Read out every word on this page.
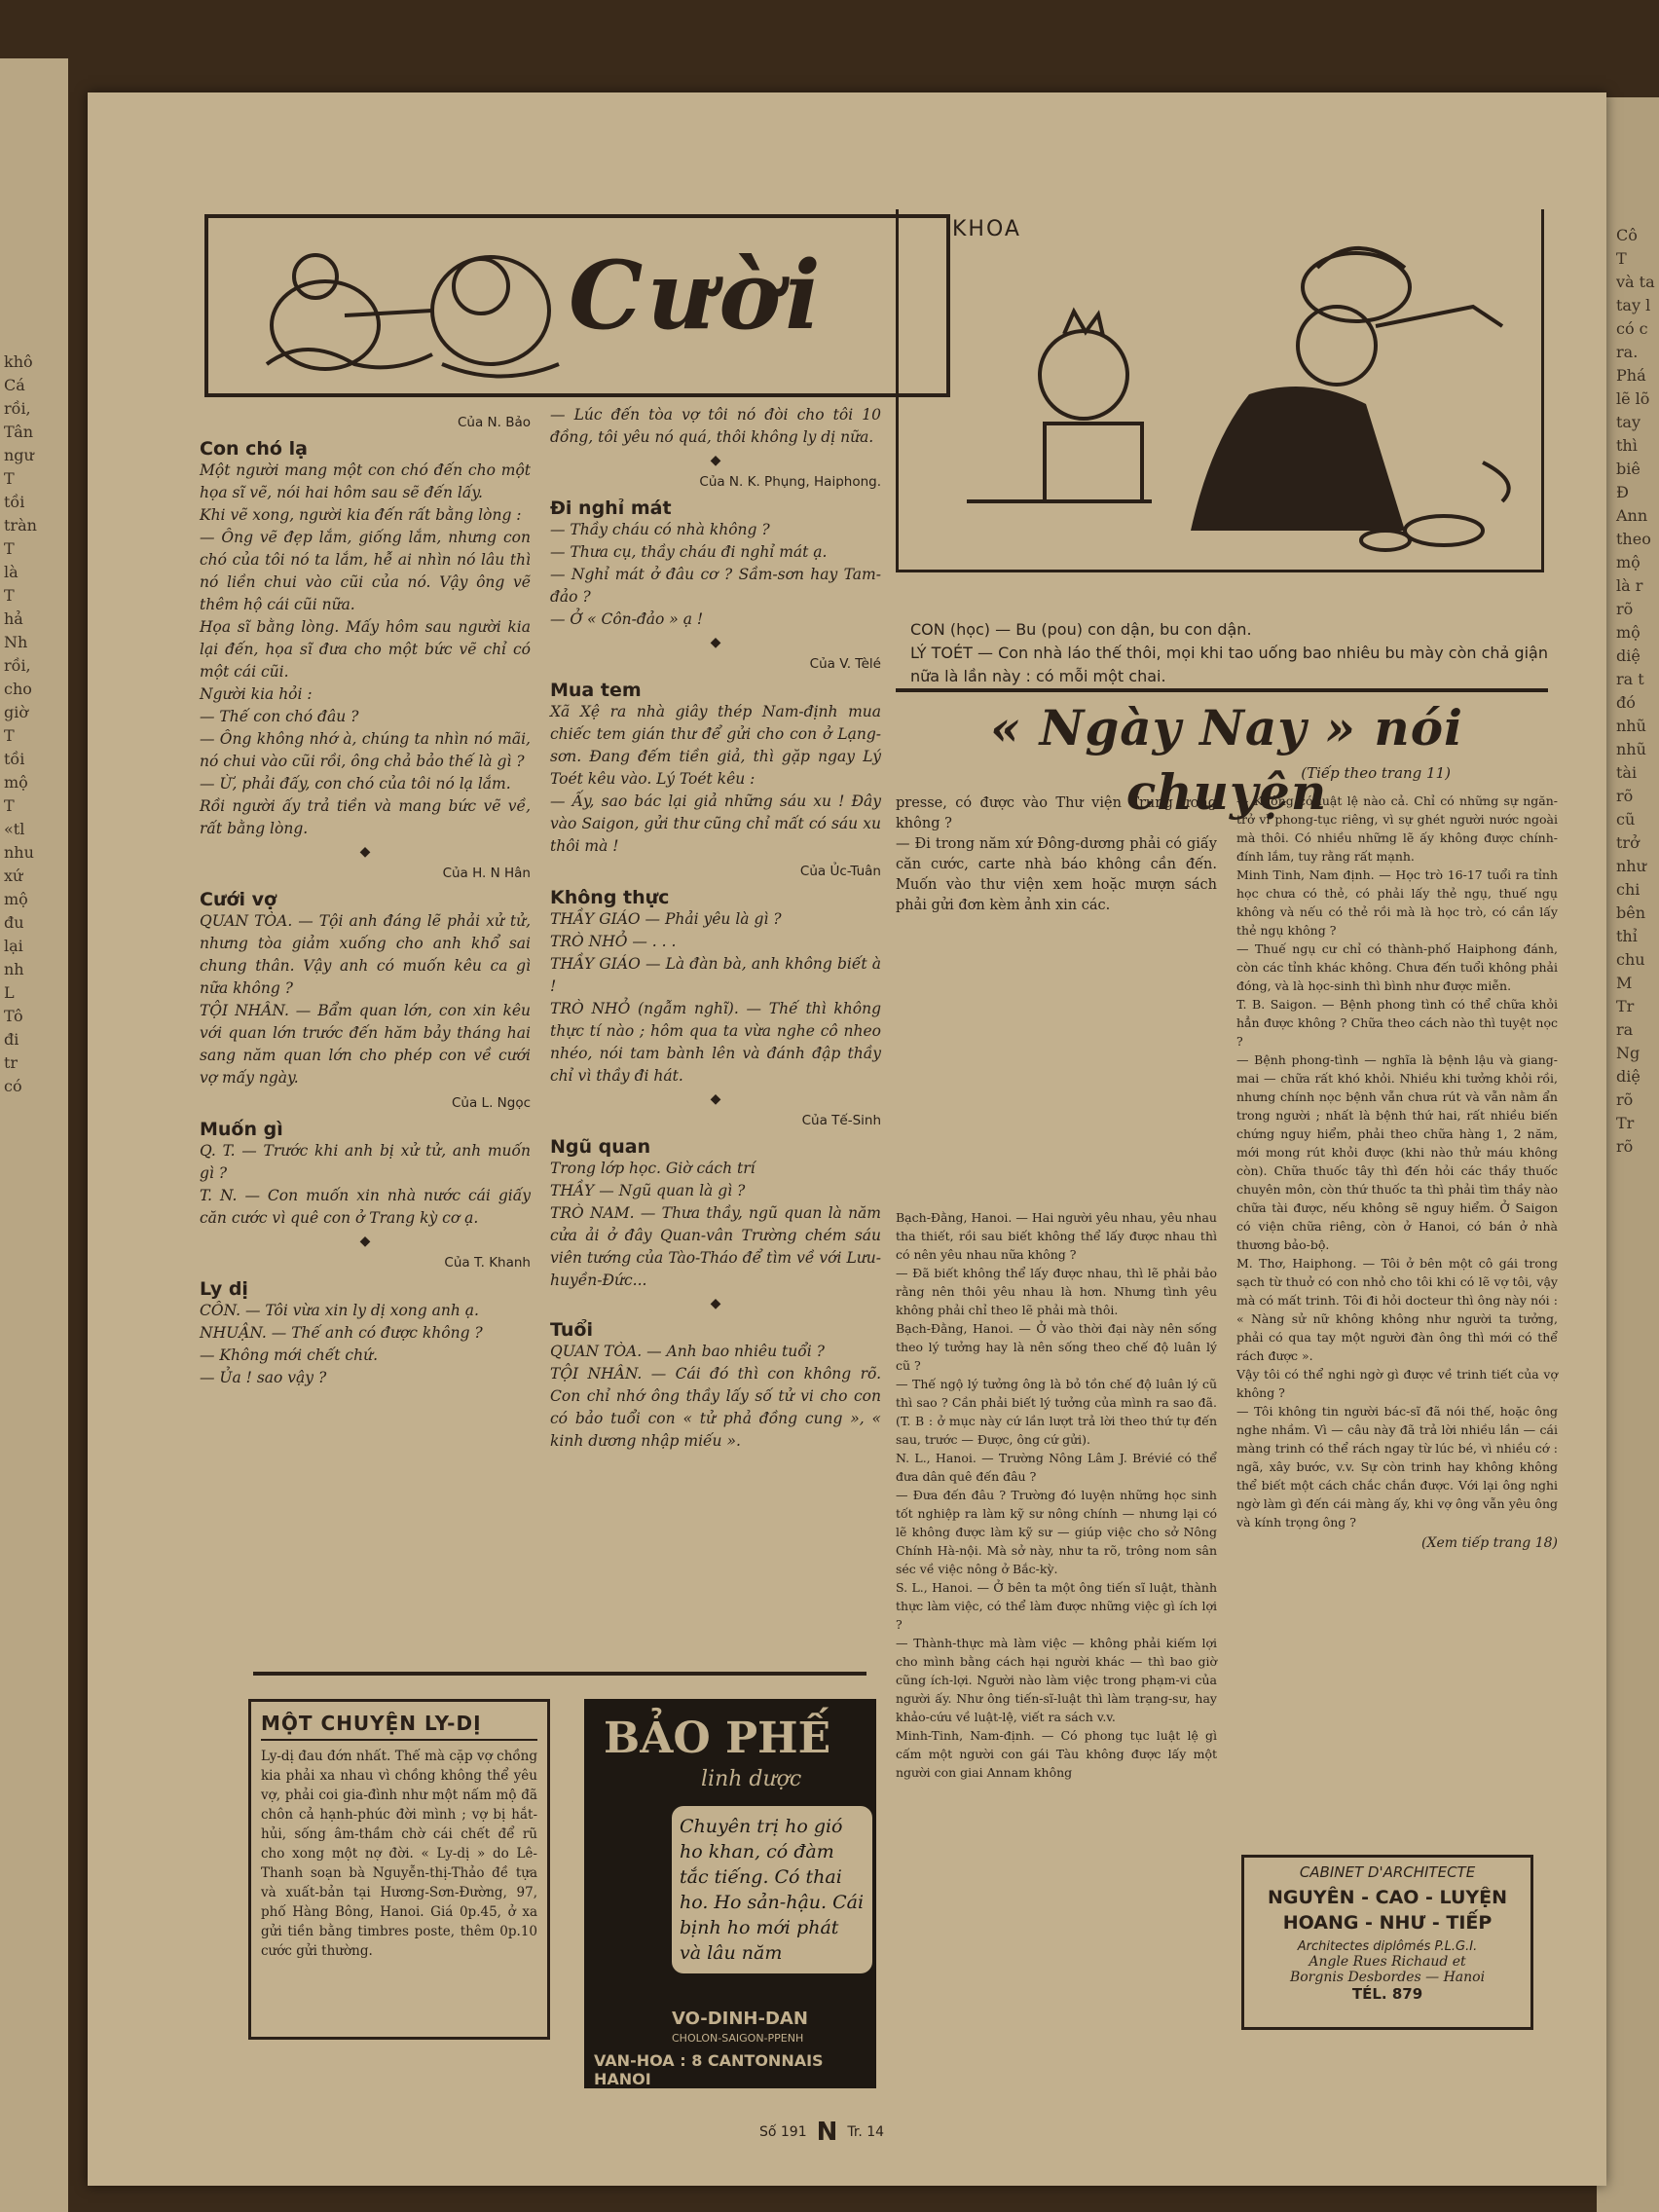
khô
Cá
rồi,
Tân
ngư
T
tồi
tràn
T
là
T
hả
Nh
rồi,
cho
giờ
T
tồi
mộ
T
«tl
nhu
xứ
mộ
đu
lại
nh
L
Tô
đi
tr
có
Cô
T
và ta
tay l
có c
ra.
Phá
lẽ lõ
tay
thì
biê
Đ
Ann
theo
mộ
là r
rõ
mộ
diệ
ra t
đó
nhũ
nhũ
tài
rõ
cũ
trở
như
chi
bên
thỉ
chu
M
Tr
ra
Ng
diệ
rõ
Tr
rõ
Cười
KHOA
CON (học) — Bu (pou) con dận, bu con dận.
LÝ TOÉT — Con nhà láo thế thôi, mọi khi tao uống bao nhiêu bu mày còn chả giận nữa là lần này : có mỗi một chai.
Của N. Bảo
Con chó lạ
Một người mang một con chó đến cho một họa sĩ vẽ, nói hai hôm sau sẽ đến lấy.
Khi vẽ xong, người kia đến rất bằng lòng :
— Ông vẽ đẹp lắm, giống lắm, nhưng con chó của tôi nó ta lắm, hễ ai nhìn nó lâu thì nó liền chui vào cũi của nó. Vậy ông vẽ thêm hộ cái cũi nữa.
Họa sĩ bằng lòng. Mấy hôm sau người kia lại đến, họa sĩ đưa cho một bức vẽ chỉ có một cái cũi.
Người kia hỏi :
— Thế con chó đâu ?
— Ông không nhớ à, chúng ta nhìn nó mãi, nó chui vào cũi rồi, ông chả bảo thế là gì ?
— Ừ, phải đấy, con chó của tôi nó lạ lắm.
Rồi người ấy trả tiền và mang bức vẽ về, rất bằng lòng.
◆
Của H. N Hân
Cưới vợ
QUAN TÒA. — Tội anh đáng lẽ phải xử tử, nhưng tòa giảm xuống cho anh khổ sai chung thân. Vậy anh có muốn kêu ca gì nữa không ?
TỘI NHÂN. — Bẩm quan lớn, con xin kêu với quan lớn trước đến hăm bảy tháng hai sang năm quan lớn cho phép con về cưới vợ mấy ngày.
Của L. Ngọc
Muốn gì
Q. T. — Trước khi anh bị xử tử, anh muốn gì ?
T. N. — Con muốn xin nhà nước cái giấy căn cước vì quê con ở Trang kỳ cơ ạ.
◆
Của T. Khanh
Ly dị
CÔN. — Tôi vừa xin ly dị xong anh ạ.
NHUẬN. — Thế anh có được không ?
— Không mới chết chứ.
— Ủa ! sao vậy ?
— Lúc đến tòa vợ tôi nó đòi cho tôi 10 đồng, tôi yêu nó quá, thôi không ly dị nữa.
◆
Của N. K. Phụng, Haiphong.
Đi nghỉ mát
— Thầy cháu có nhà không ?
— Thưa cụ, thầy cháu đi nghỉ mát ạ.
— Nghỉ mát ở đâu cơ ? Sầm-sơn hay Tam-đảo ?
— Ở « Côn-đảo » ạ !
◆
Của V. Tèlé
Mua tem
Xã Xệ ra nhà giây thép Nam-định mua chiếc tem gián thư để gửi cho con ở Lạng-sơn. Đang đếm tiền giả, thì gặp ngay Lý Toét kêu vào. Lý Toét kêu :
— Ấy, sao bác lại giả những sáu xu ! Đây vào Saigon, gửi thư cũng chỉ mất có sáu xu thôi mà !
Của Ủc-Tuân
Không thực
THẦY GIÁO — Phải yêu là gì ?
TRÒ NHỎ — . . .
THẦY GIÁO — Là đàn bà, anh không biết à !
TRÒ NHỎ (ngẫm nghĩ). — Thế thì không thực tí nào ; hôm qua ta vừa nghe cô nheo nhéo, nói tam bành lên và đánh đập thầy chỉ vì thầy đi hát.
◆
Của Tế-Sinh
Ngũ quan
Trong lớp học. Giờ cách trí
THẦY — Ngũ quan là gì ?
TRÒ NAM. — Thưa thầy, ngũ quan là năm cửa ải ở đây Quan-vân Trường chém sáu viên tướng của Tào-Tháo để tìm về với Lưu-huyền-Đức...
◆
Tuổi
QUAN TÒA. — Anh bao nhiêu tuổi ?
TỘI NHÂN. — Cái đó thì con không rõ. Con chỉ nhớ ông thầy lấy số tử vi cho con có bảo tuổi con « tử phả đồng cung », « kinh dương nhập miếu ».
« Ngày Nay » nói chuyện
(Tiếp theo trang 11)
presse, có được vào Thư viện Trung ương không ?
— Đi trong năm xứ Đông-dương phải có giấy căn cước, carte nhà báo không cần đến. Muốn vào thư viện xem hoặc mượn sách phải gửi đơn kèm ảnh xin các.
Bạch-Đằng, Hanoi. — Hai người yêu nhau, yêu nhau tha thiết, rồi sau biết không thể lấy được nhau thì có nên yêu nhau nữa không ?
— Đã biết không thể lấy được nhau, thì lẽ phải bảo rằng nên thôi yêu nhau là hơn. Nhưng tình yêu không phải chỉ theo lẽ phải mà thôi.
Bạch-Đằng, Hanoi. — Ở vào thời đại này nên sống theo lý tưởng hay là nên sống theo chế độ luân lý cũ ?
— Thế ngộ lý tưởng ông là bỏ tồn chế độ luân lý cũ thì sao ? Cần phải biết lý tưởng của mình ra sao đã. (T. B : ở mục này cứ lần lượt trả lời theo thứ tự đến sau, trước — Được, ông cứ gửi).
N. L., Hanoi. — Trường Nông Lâm J. Brévié có thể đưa dân quê đến đâu ?
— Đưa đến đâu ? Trường đó luyện những học sinh tốt nghiệp ra làm kỹ sư nông chính — nhưng lại có lẽ không được làm kỹ sư — giúp việc cho sở Nông Chính Hà-nội. Mà sở này, như ta rõ, trông nom sân séc về việc nông ở Bắc-kỳ.
S. L., Hanoi. — Ở bên ta một ông tiến sĩ luật, thành thực làm việc, có thể làm được những việc gì ích lợi ?
— Thành-thực mà làm việc — không phải kiếm lợi cho mình bằng cách hại người khác — thì bao giờ cũng ích-lợi. Người nào làm việc trong phạm-vi của người ấy. Như ông tiến-sĩ-luật thì làm trạng-sư, hay khảo-cứu về luật-lệ, viết ra sách v.v.
Minh-Tinh, Nam-định. — Có phong tục luật lệ gì cấm một người con gái Tàu không được lấy một người con giai Annam không
— Không có luật lệ nào cả. Chỉ có những sự ngăn-trở vì phong-tục riêng, vì sự ghét người nước ngoài mà thôi. Có nhiều những lẽ ấy không được chính-đính lắm, tuy rằng rất mạnh.
Minh Tinh, Nam định. — Học trò 16-17 tuổi ra tỉnh học chưa có thẻ, có phải lấy thẻ ngụ, thuế ngụ không và nếu có thẻ rồi mà là học trò, có cần lấy thẻ ngụ không ?
— Thuế ngụ cư chỉ có thành-phố Haiphong đánh, còn các tỉnh khác không. Chưa đến tuổi không phải đóng, và là học-sinh thì bình như được miễn.
T. B. Saigon. — Bệnh phong tình có thể chữa khỏi hẳn được không ? Chữa theo cách nào thì tuyệt nọc ?
— Bệnh phong-tình — nghĩa là bệnh lậu và giang-mai — chữa rất khó khỏi. Nhiều khi tưởng khỏi rồi, nhưng chính nọc bệnh vẫn chưa rút và vẫn nằm ẩn trong người ; nhất là bệnh thứ hai, rất nhiều biến chứng nguy hiểm, phải theo chữa hàng 1, 2 năm, mới mong rút khỏi được (khi nào thử máu không còn). Chữa thuốc tây thì đến hỏi các thầy thuốc chuyên môn, còn thứ thuốc ta thì phải tìm thầy nào chữa tài được, nếu không sẽ nguy hiểm. Ở Saigon có viện chữa riêng, còn ở Hanoi, có bán ở nhà thương bảo-bộ.
M. Thơ, Haiphong. — Tôi ở bên một cô gái trong sạch từ thuở có con nhỏ cho tôi khi có lẽ vợ tôi, vậy mà có mất trinh. Tôi đi hỏi docteur thì ông này nói : « Nàng sử nữ không không như người ta tưởng, phải có qua tay một người đàn ông thì mới có thể rách được ».
Vậy tôi có thể nghi ngờ gì được về trinh tiết của vợ không ?
— Tôi không tin người bác-sĩ đã nói thế, hoặc ông nghe nhầm. Vì — câu này đã trả lời nhiều lần — cái màng trinh có thể rách ngay từ lúc bé, vì nhiều cớ : ngã, xây bước, v.v. Sự còn trinh hay không không thể biết một cách chắc chắn được. Với lại ông nghi ngờ làm gì đến cái màng ấy, khi vợ ông vẫn yêu ông và kính trọng ông ?
(Xem tiếp trang 18)
MỘT CHUYỆN LY-DỊ
Ly-dị đau đớn nhất. Thế mà cặp vợ chồng kia phải xa nhau vì chồng không thể yêu vợ, phải coi gia-đình như một nấm mộ đã chôn cả hạnh-phúc đời mình ; vợ bị hắt-hủi, sống âm-thầm chờ cái chết để rũ cho xong một nợ đời. « Ly-dị » do Lê-Thanh soạn bà Nguyễn-thị-Thảo đề tựa và xuất-bản tại Hương-Sơn-Đường, 97, phố Hàng Bông, Hanoi. Giá 0p.45, ở xa gửi tiền bằng timbres poste, thêm 0p.10 cước gửi thường.
BẢO PHẾ
linh dược
Chuyên trị ho gió ho khan, có đàm tắc tiếng. Có thai ho. Ho sản-hậu. Cái bịnh ho mới phát và lâu năm
VO-DINH-DAN
CHOLON-SAIGON-PPENH
VAN-HOA : 8 CANTONNAIS HANOI
CABINET D'ARCHITECTE
NGUYÊN - CAO - LUYỆN
HOANG - NHƯ - TIẾP
Architectes diplômés P.L.G.I.
Angle Rues Richaud et
Borgnis Desbordes — Hanoi
TÉL. 879
Số 191 N Tr. 14
